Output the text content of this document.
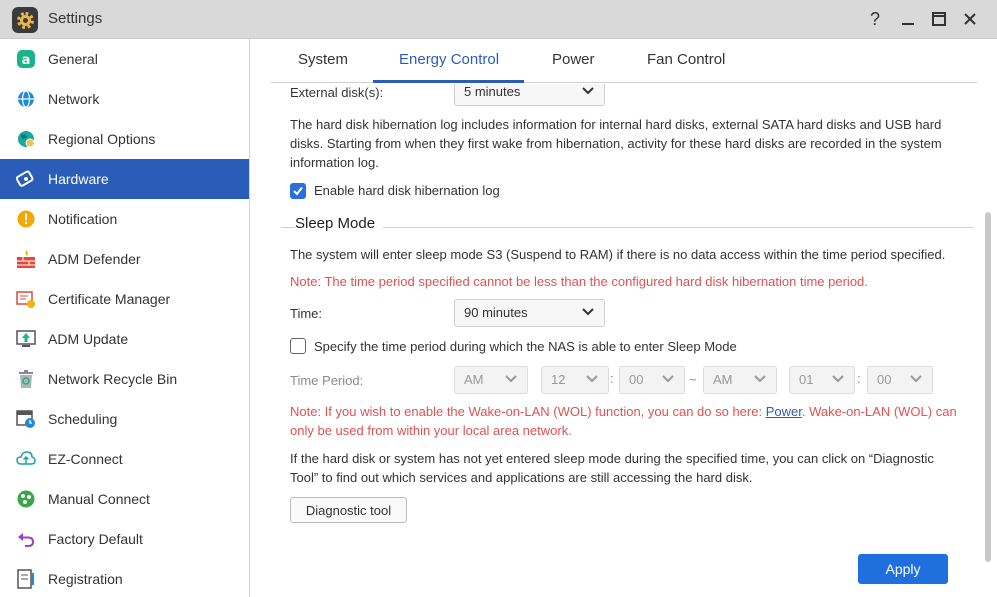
Settings	?
a General
Network
Regional Options
Hardware
Notification
ADM Defender
Certificate Manager
ADM Update
Network Recycle Bin
Scheduling
EZ-Connect
Manual Connect
Factory Default
Registration
System	Energy Control	Power	Fan Control
External disk(s):	5 minutes
The hard disk hibernation log includes information for internal hard disks, external SATA hard disks and USB hard
disks. Starting from when they first wake from hibernation, activity for these hard disks are recorded in the system
information log.
Enable hard disk hibernation log
Sleep Mode
The system will enter sleep mode S3 (Suspend to RAM) if there is no data access within the time period specified.
Note: The time period specified cannot be less than the configured hard disk hibernation time period.
Time:	90 minutes
Specify the time period during which the NAS is able to enter Sleep Mode
Time Period:	AM	12	:	00	~	AM	01	:	00
Note: If you wish to enable the Wake-on-LAN (WOL) function, you can do so here: Power. Wake-on-LAN (WOL) can
only be used from within your local area network.
If the hard disk or system has not yet entered sleep mode during the specified time, you can click on “Diagnostic
Tool” to find out which services and applications are still accessing the hard disk.
Diagnostic tool
Apply
